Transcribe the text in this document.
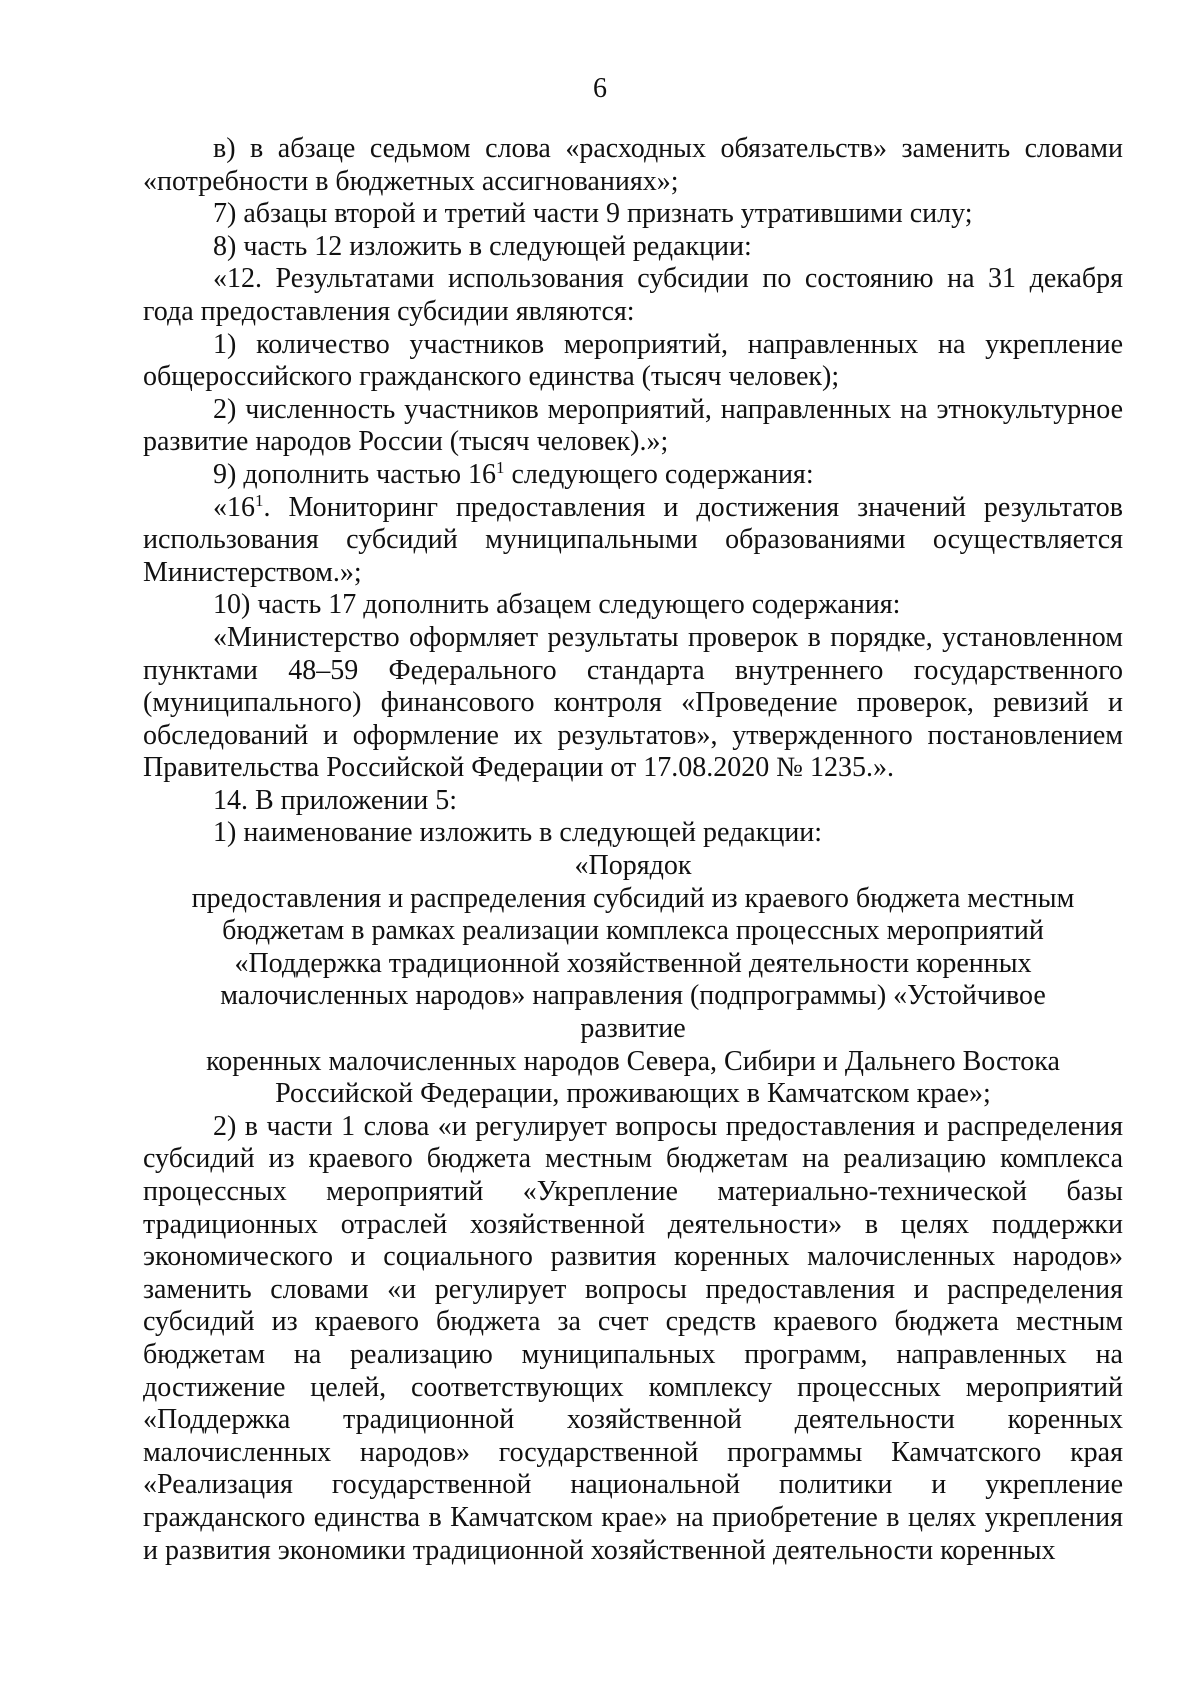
6

в) в абзаце седьмом слова «расходных обязательств» заменить словами «потребности в бюджетных ассигнованиях»;

7) абзацы второй и третий части 9 признать утратившими силу;

8) часть 12 изложить в следующей редакции:

«12. Результатами использования субсидии по состоянию на 31 декабря года предоставления субсидии являются:

1) количество участников мероприятий, направленных на укрепление общероссийского гражданского единства (тысяч человек);

2) численность участников мероприятий, направленных на этнокультурное развитие народов России (тысяч человек).»;

9) дополнить частью $16^1$ следующего содержания:

«$16^1$. Мониторинг предоставления и достижения значений результатов использования субсидий муниципальными образованиями осуществляется Министерством.»;

10) часть 17 дополнить абзацем следующего содержания:

«Министерство оформляет результаты проверок в порядке, установленном пунктами 48–59 Федерального стандарта внутреннего государственного (муниципального) финансового контроля «Проведение проверок, ревизий и обследований и оформление их результатов», утвержденного постановлением Правительства Российской Федерации от 17.08.2020 № 1235.».

14. В приложении 5:

1) наименование изложить в следующей редакции:

«Порядок

предоставления и распределения субсидий из краевого бюджета местным

бюджетам в рамках реализации комплекса процессных мероприятий

«Поддержка традиционной хозяйственной деятельности коренных

малочисленных народов» направления (подпрограммы) «Устойчивое развитие

коренных малочисленных народов Севера, Сибири и Дальнего Востока

Российской Федерации, проживающих в Камчатском крае»;

2) в части 1 слова «и регулирует вопросы предоставления и распределения субсидий из краевого бюджета местным бюджетам на реализацию комплекса процессных мероприятий «Укрепление материально-технической базы традиционных отраслей хозяйственной деятельности» в целях поддержки экономического и социального развития коренных малочисленных народов» заменить словами «и регулирует вопросы предоставления и распределения субсидий из краевого бюджета за счет средств краевого бюджета местным бюджетам на реализацию муниципальных программ, направленных на достижение целей, соответствующих комплексу процессных мероприятий «Поддержка традиционной хозяйственной деятельности коренных малочисленных народов» государственной программы Камчатского края «Реализация государственной национальной политики и укрепление гражданского единства в Камчатском крае» на приобретение в целях укрепления и развития экономики традиционной хозяйственной деятельности коренных
